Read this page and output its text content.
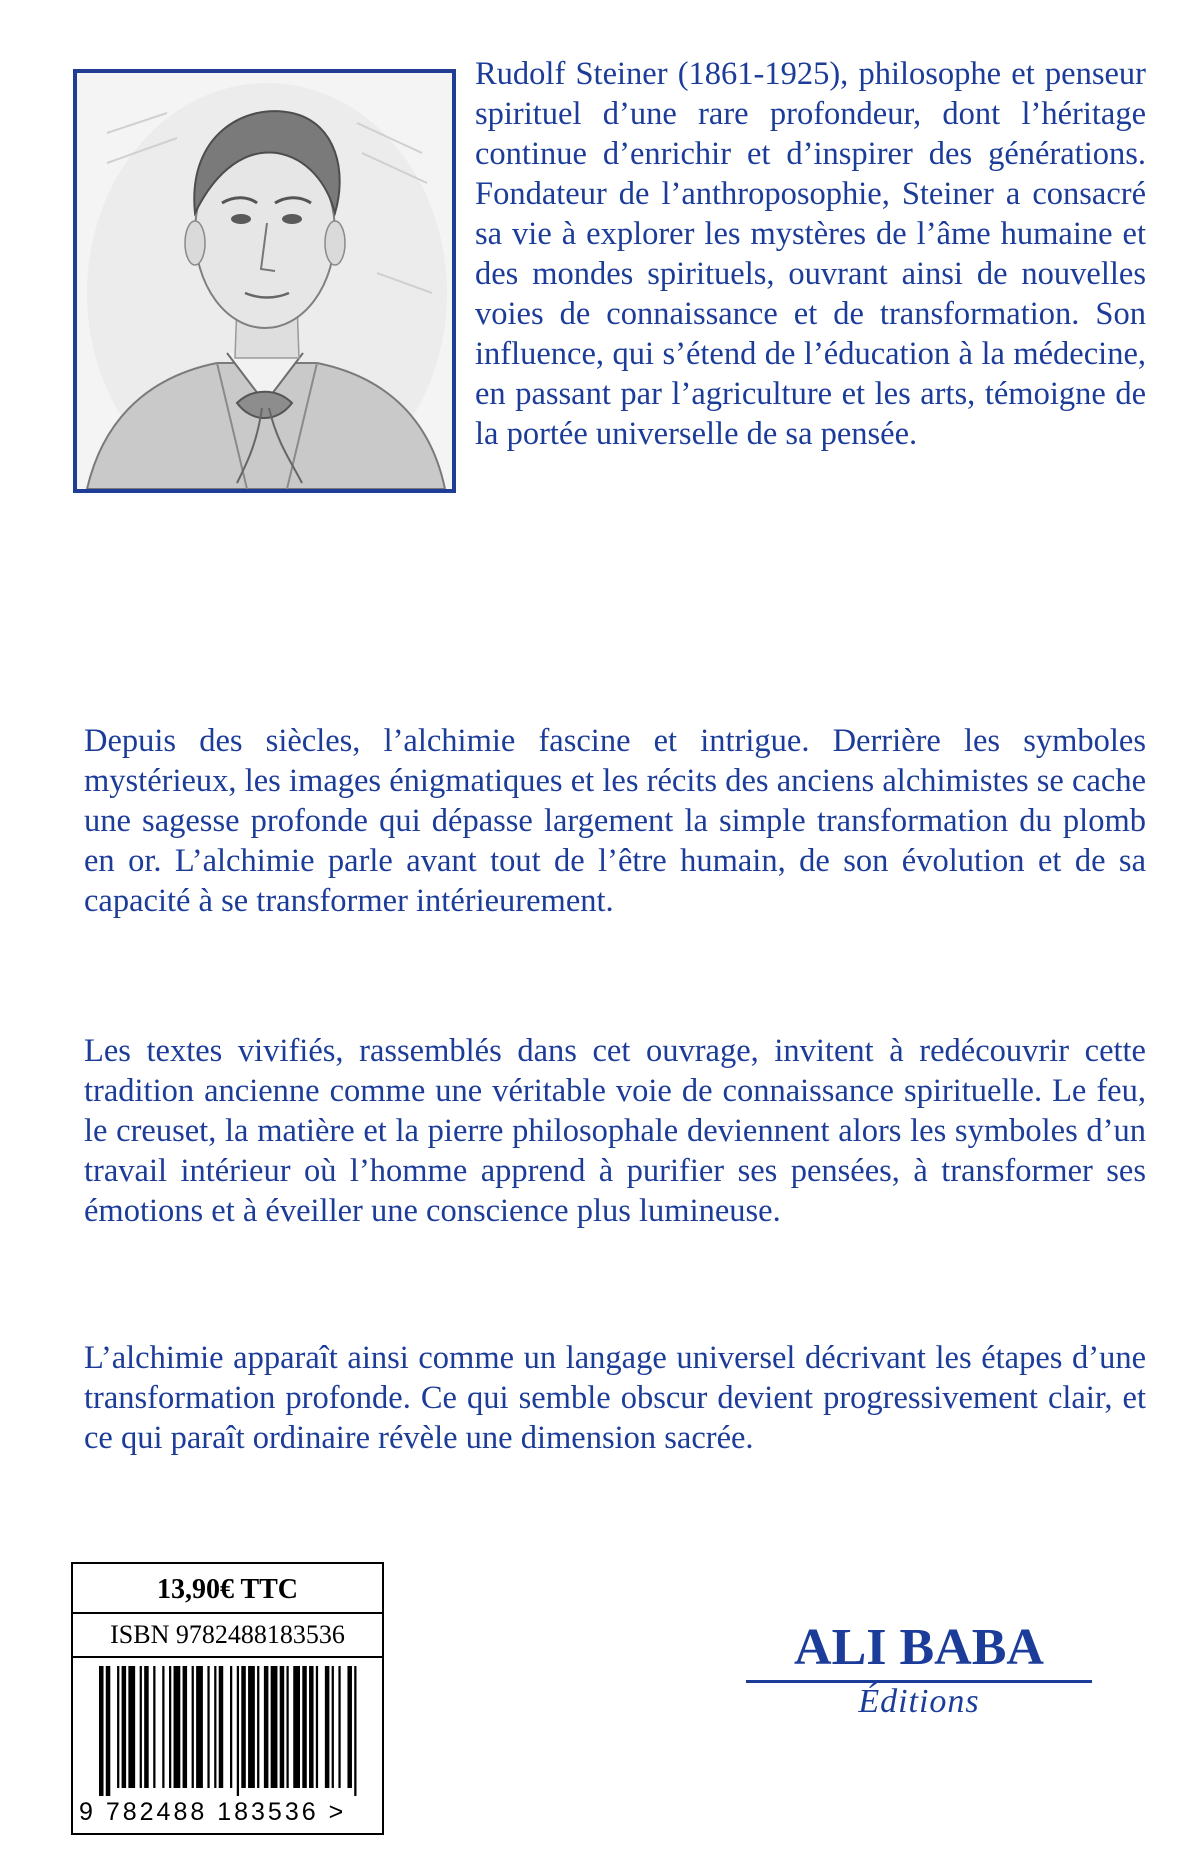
Rudolf Steiner (1861-1925), philosophe et penseur spirituel d’une rare profondeur, dont l’héritage continue d’enrichir et d’inspirer des générations. Fondateur de l’anthroposophie, Steiner a consacré sa vie à explorer les mystères de l’âme humaine et des mondes spirituels, ouvrant ainsi de nouvelles voies de connaissance et de transformation. Son influence, qui s’étend de l’éducation à la médecine, en passant par l’agriculture et les arts, témoigne de la portée universelle de sa pensée.

Depuis des siècles, l’alchimie fascine et intrigue. Derrière les symboles mystérieux, les images énigmatiques et les récits des anciens alchimistes se cache une sagesse profonde qui dépasse largement la simple transformation du plomb en or. L’alchimie parle avant tout de l’être humain, de son évolution et de sa capacité à se transformer intérieurement.

Les textes vivifiés, rassemblés dans cet ouvrage, invitent à redécouvrir cette tradition ancienne comme une véritable voie de connaissance spirituelle. Le feu, le creuset, la matière et la pierre philosophale deviennent alors les symboles d’un travail intérieur où l’homme apprend à purifier ses pensées, à transformer ses émotions et à éveiller une conscience plus lumineuse.

L’alchimie apparaît ainsi comme un langage universel décrivant les étapes d’une transformation profonde. Ce qui semble obscur devient progressivement clair, et ce qui paraît ordinaire révèle une dimension sacrée.

13,90€ TTC
ISBN 9782488183536
9 782488 183536 >
ALI BABA
Éditions
